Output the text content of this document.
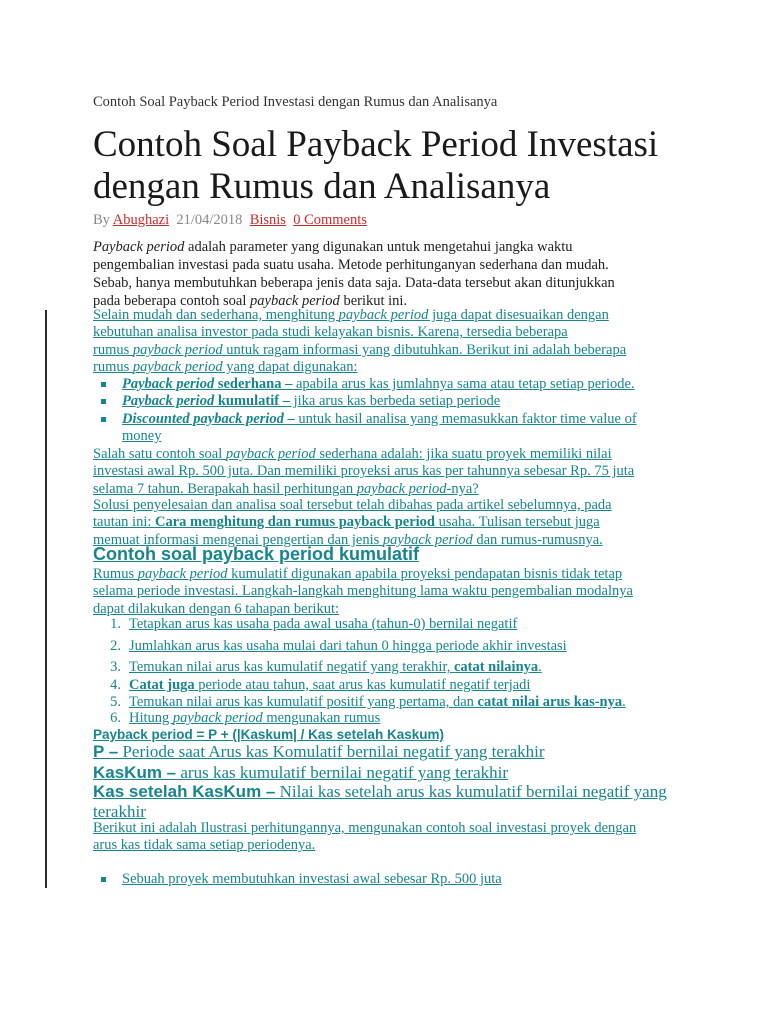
Contoh Soal Payback Period Investasi dengan Rumus dan Analisanya
Contoh Soal Payback Period Investasi
dengan Rumus dan Analisanya
By Abughazi 21/04/2018 Bisnis 0 Comments
Payback period adalah parameter yang digunakan untuk mengetahui jangka waktu
pengembalian investasi pada suatu usaha. Metode perhitunganyan sederhana dan mudah.
Sebab, hanya membutuhkan beberapa jenis data saja. Data-data tersebut akan ditunjukkan
pada beberapa contoh soal payback period berikut ini.
Selain mudah dan sederhana, menghitung payback period juga dapat disesuaikan dengan
kebutuhan analisa investor pada studi kelayakan bisnis. Karena, tersedia beberapa
rumus payback period untuk ragam informasi yang dibutuhkan. Berikut ini adalah beberapa
rumus payback period yang dapat digunakan:
Payback period sederhana – apabila arus kas jumlahnya sama atau tetap setiap periode.
Payback period kumulatif – jika arus kas berbeda setiap periode
Discounted payback period – untuk hasil analisa yang memasukkan faktor time value of
money
Salah satu contoh soal payback period sederhana adalah: jika suatu proyek memiliki nilai
investasi awal Rp. 500 juta. Dan memiliki proyeksi arus kas per tahunnya sebesar Rp. 75 juta
selama 7 tahun. Berapakah hasil perhitungan payback period-nya?
Solusi penyelesaian dan analisa soal tersebut telah dibahas pada artikel sebelumnya, pada
tautan ini: Cara menghitung dan rumus payback period usaha. Tulisan tersebut juga
memuat informasi mengenai pengertian dan jenis payback period dan rumus-rumusnya.
Contoh soal payback period kumulatif
Rumus payback period kumulatif digunakan apabila proyeksi pendapatan bisnis tidak tetap
selama periode investasi. Langkah-langkah menghitung lama waktu pengembalian modalnya
dapat dilakukan dengan 6 tahapan berikut:
1. Tetapkan arus kas usaha pada awal usaha (tahun-0) bernilai negatif
2. Jumlahkan arus kas usaha mulai dari tahun 0 hingga periode akhir investasi
3. Temukan nilai arus kas kumulatif negatif yang terakhir, catat nilainya.
4. Catat juga periode atau tahun, saat arus kas kumulatif negatif terjadi
5. Temukan nilai arus kas kumulatif positif yang pertama, dan catat nilai arus kas-nya.
6. Hitung payback period mengunakan rumus
Payback period = P + (|Kaskum| / Kas setelah Kaskum)
P – Periode saat Arus kas Komulatif bernilai negatif yang terakhir
KasKum – arus kas kumulatif bernilai negatif yang terakhir
Kas setelah KasKum – Nilai kas setelah arus kas kumulatif bernilai negatif yang
terakhir
Berikut ini adalah Ilustrasi perhitungannya, mengunakan contoh soal investasi proyek dengan
arus kas tidak sama setiap periodenya.
Sebuah proyek membutuhkan investasi awal sebesar Rp. 500 juta
